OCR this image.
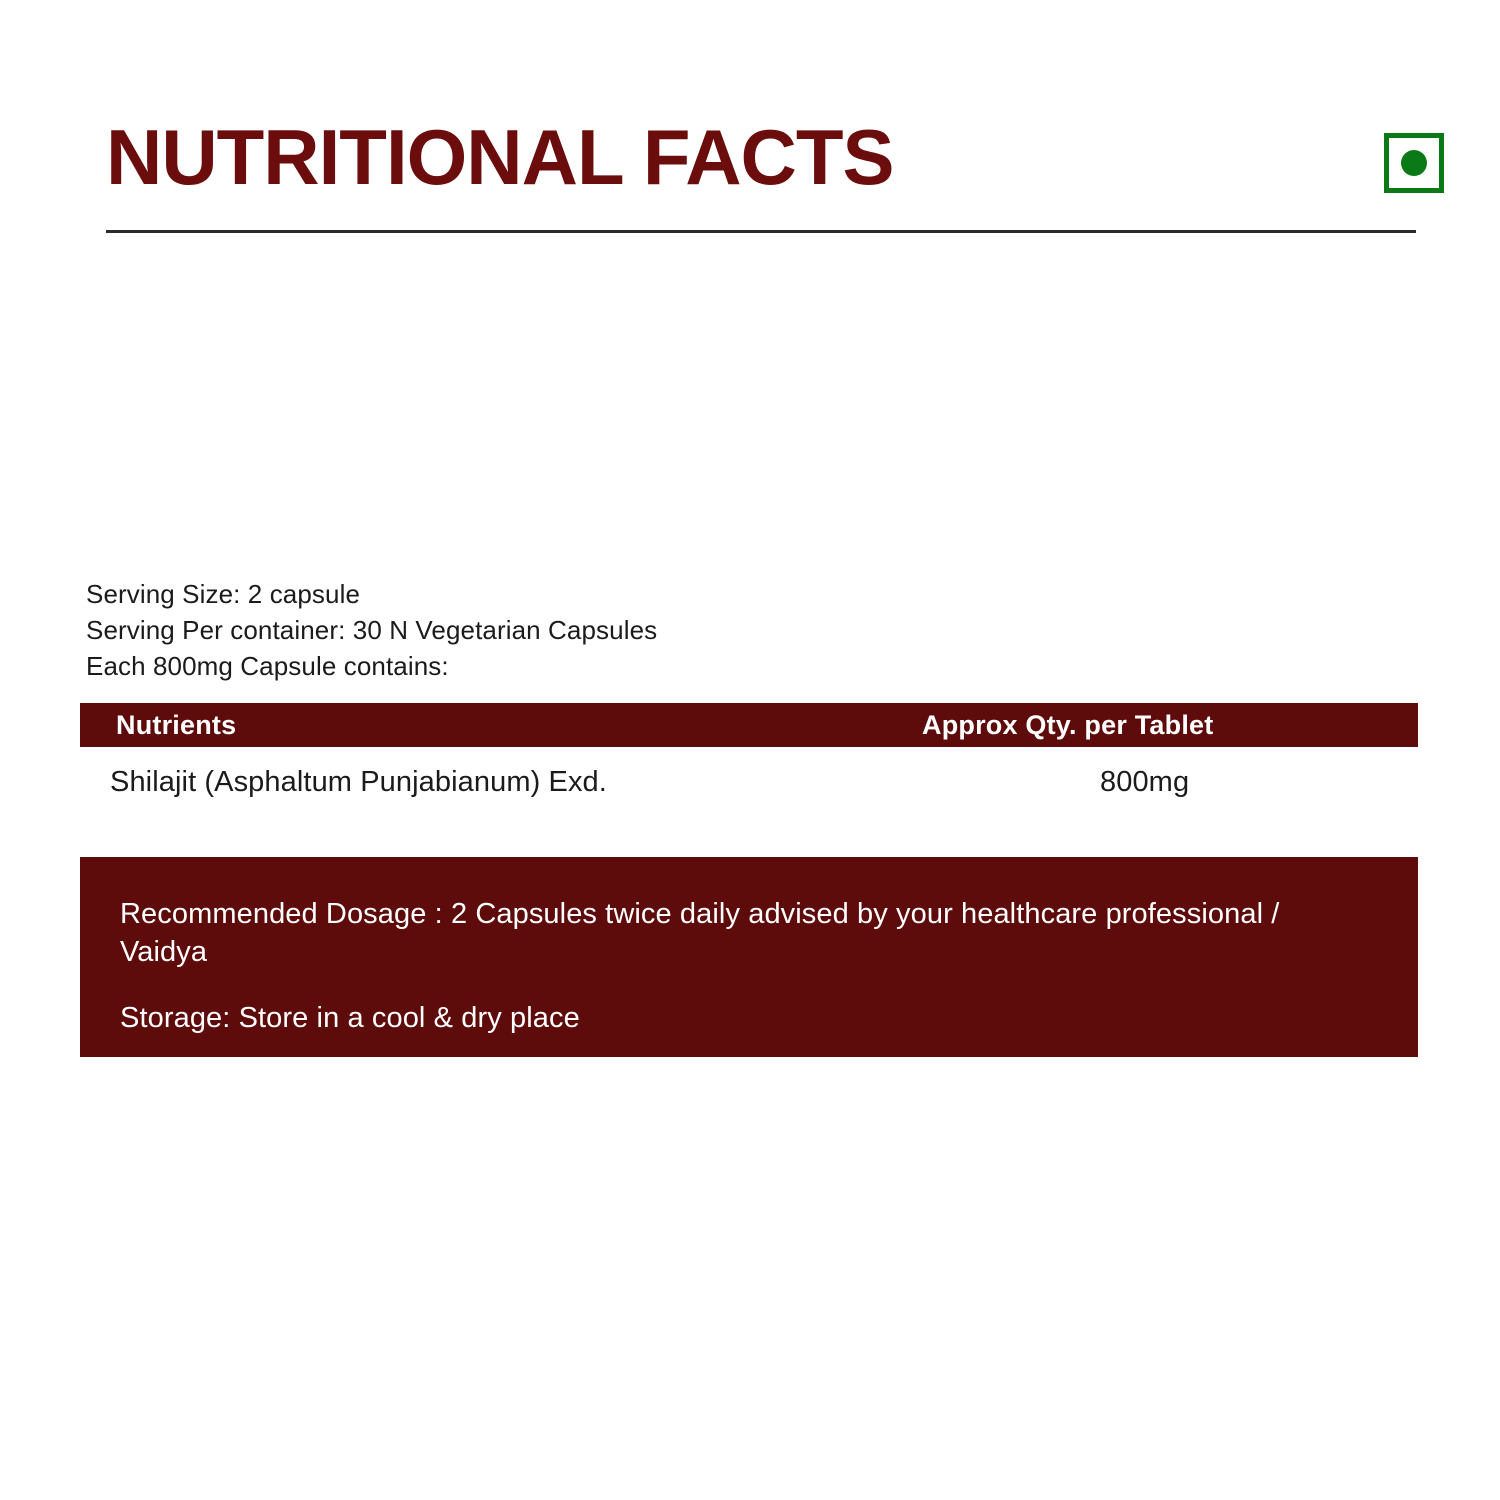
NUTRITIONAL FACTS
Serving Size: 2 capsule
Serving Per container: 30 N Vegetarian Capsules
Each 800mg Capsule contains:
Nutrients	Approx Qty. per Tablet
Shilajit (Asphaltum Punjabianum) Exd.	800mg
Recommended Dosage : 2 Capsules twice daily advised by your healthcare professional / Vaidya
Storage: Store in a cool & dry place
